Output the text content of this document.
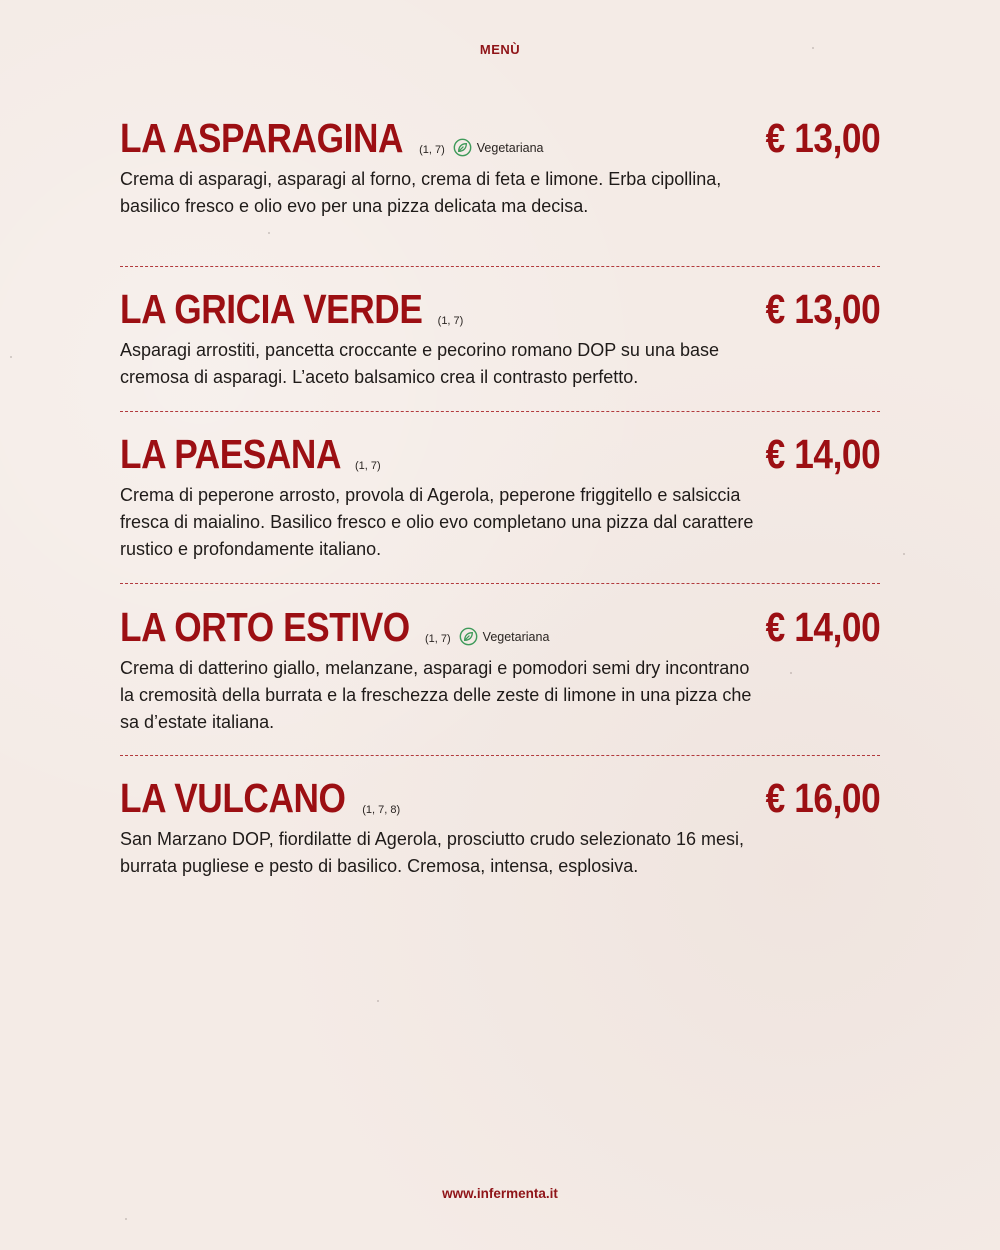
MENÙ
LA ASPARAGINA (1, 7)	Vegetariana	€ 13,00
Crema di asparagi, asparagi al forno, crema di feta e limone. Erba cipollina, basilico fresco e olio evo per una pizza delicata ma decisa.
LA GRICIA VERDE (1, 7)	€ 13,00
Asparagi arrostiti, pancetta croccante e pecorino romano DOP su una base cremosa di asparagi. L’aceto balsamico crea il contrasto perfetto.
LA PAESANA (1, 7)	€ 14,00
Crema di peperone arrosto, provola di Agerola, peperone friggitello e salsiccia fresca di maialino. Basilico fresco e olio evo completano una pizza dal carattere rustico e profondamente italiano.
LA ORTO ESTIVO (1, 7)	Vegetariana	€ 14,00
Crema di datterino giallo, melanzane, asparagi e pomodori semi dry incontrano la cremosità della burrata e la freschezza delle zeste di limone in una pizza che sa d’estate italiana.
LA VULCANO (1, 7, 8)	€ 16,00
San Marzano DOP, fiordilatte di Agerola, prosciutto crudo selezionato 16 mesi, burrata pugliese e pesto di basilico. Cremosa, intensa, esplosiva.
www.infermenta.it
